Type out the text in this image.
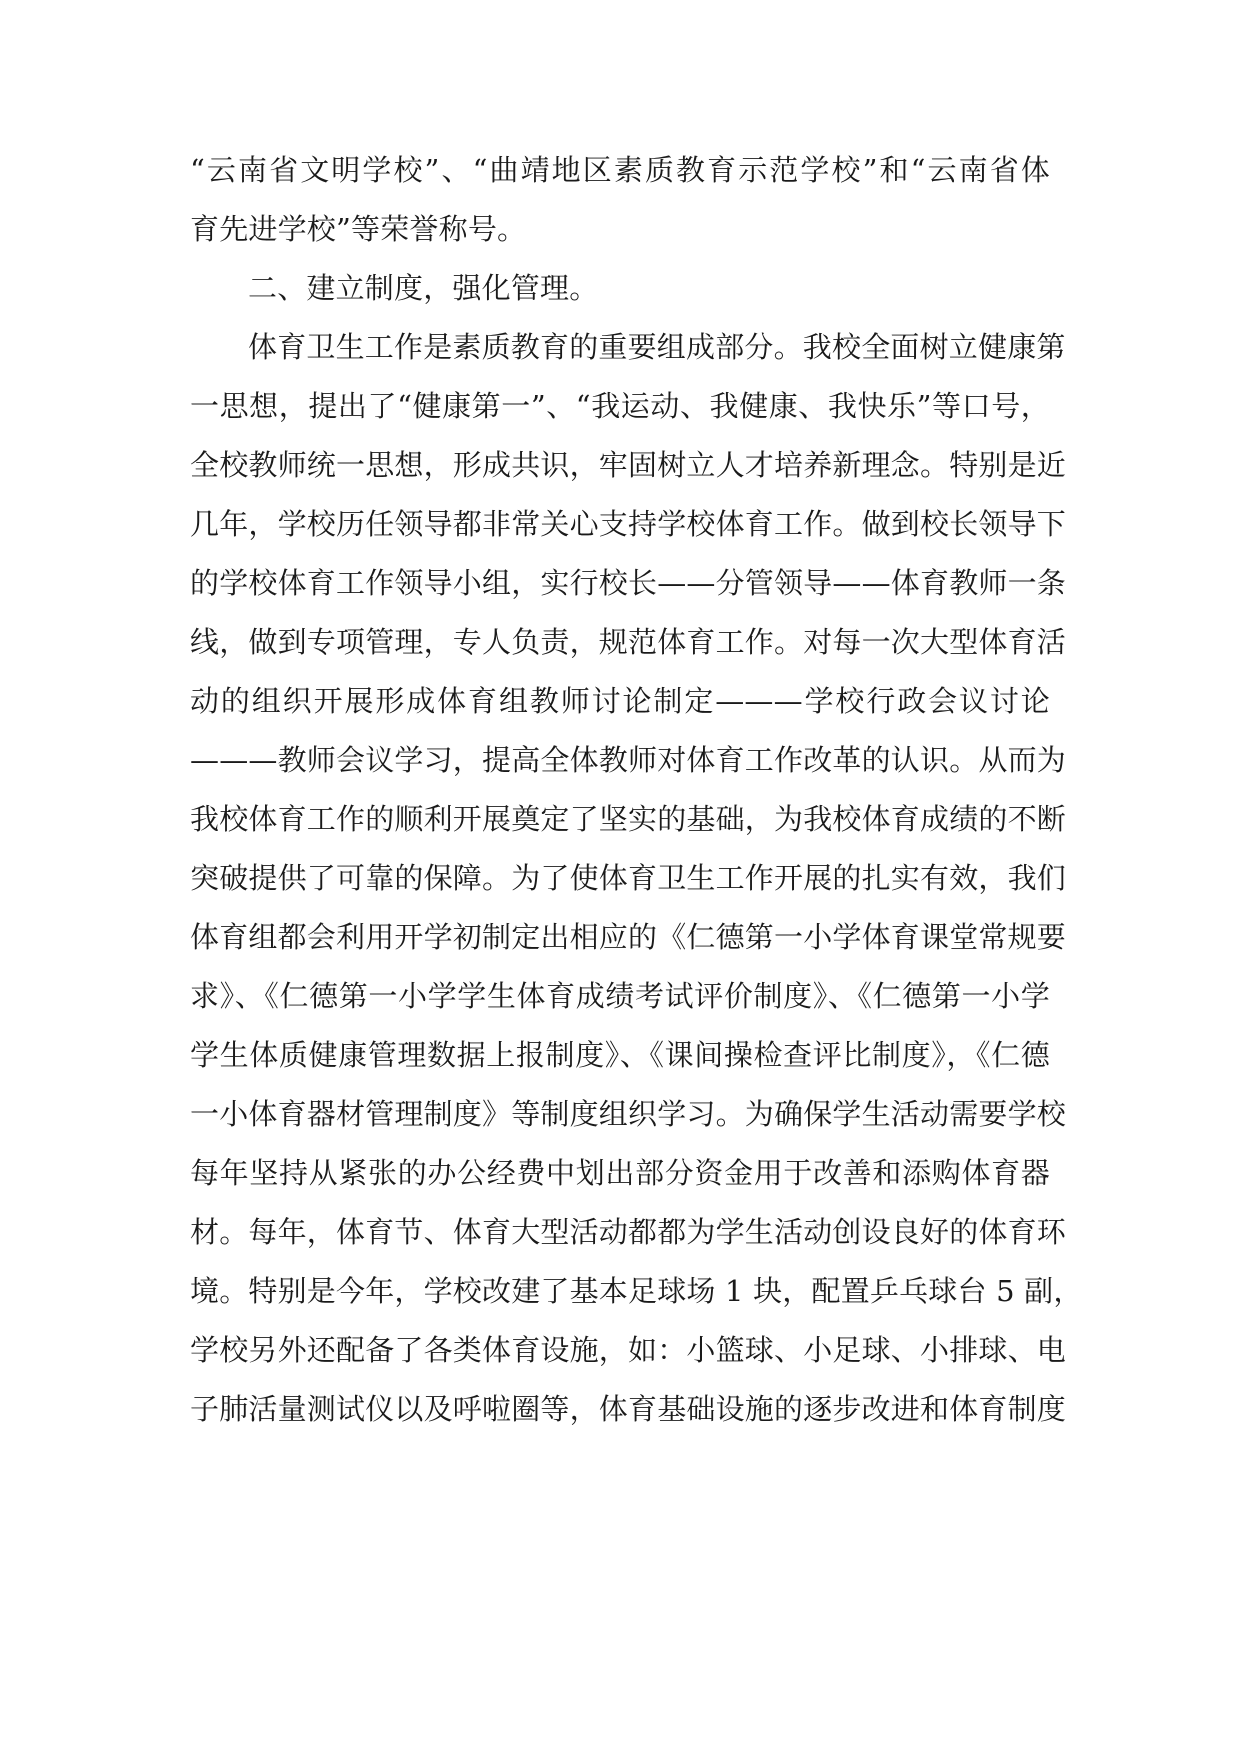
“云南省文明学校”、“曲靖地区素质教育示范学校”和“云南省体
育先进学校”等荣誉称号。
二、建立制度，强化管理。
体育卫生工作是素质教育的重要组成部分。我校全面树立健康第
一思想，提出了“健康第一”、“我运动、我健康、我快乐”等口号，
全校教师统一思想，形成共识，牢固树立人才培养新理念。特别是近
几年，学校历任领导都非常关心支持学校体育工作。做到校长领导下
的学校体育工作领导小组，实行校长——分管领导——体育教师一条
线，做到专项管理，专人负责，规范体育工作。对每一次大型体育活
动的组织开展形成体育组教师讨论制定———学校行政会议讨论
———教师会议学习，提高全体教师对体育工作改革的认识。从而为
我校体育工作的顺利开展奠定了坚实的基础，为我校体育成绩的不断
突破提供了可靠的保障。为了使体育卫生工作开展的扎实有效，我们
体育组都会利用开学初制定出相应的《仁德第一小学体育课堂常规要
求》、《仁德第一小学学生体育成绩考试评价制度》、《仁德第一小学
学生体质健康管理数据上报制度》、《课间操检查评比制度》，《仁德
一小体育器材管理制度》等制度组织学习。为确保学生活动需要学校
每年坚持从紧张的办公经费中划出部分资金用于改善和添购体育器
材。每年，体育节、体育大型活动都都为学生活动创设良好的体育环
境。特别是今年，学校改建了基本足球场 1 块，配置乒乓球台 5 副，
学校另外还配备了各类体育设施，如：小篮球、小足球、小排球、电
子肺活量测试仪以及呼啦圈等，体育基础设施的逐步改进和体育制度
